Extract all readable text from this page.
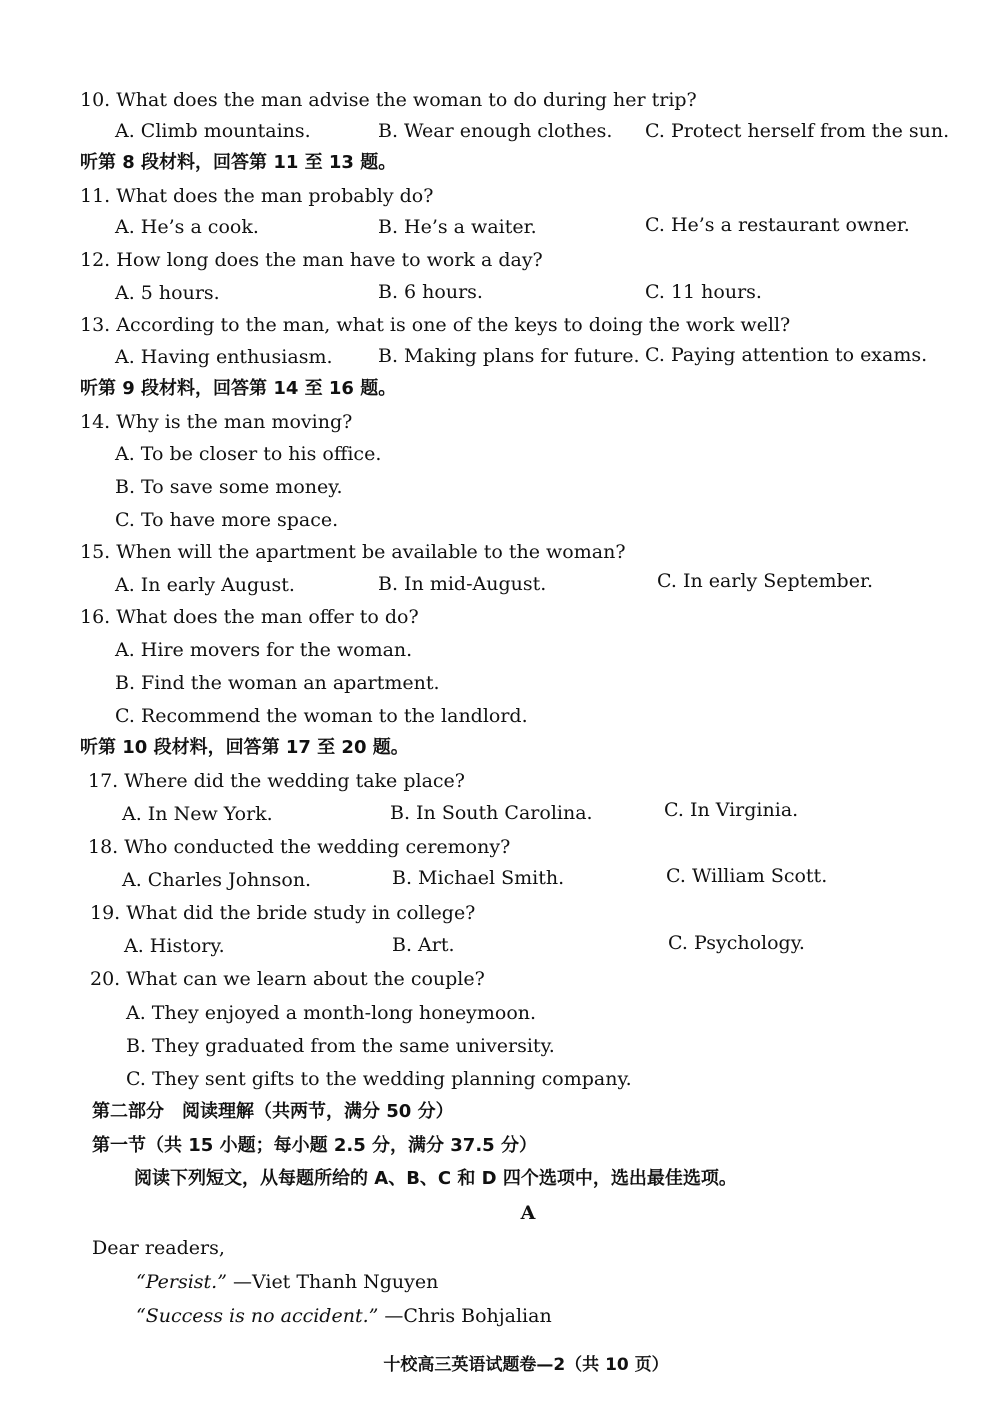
10. What does the man advise the woman to do during her trip?
A. Climb mountains.	B. Wear enough clothes. C. Protect herself from the sun.
听第 8 段材料，回答第 11 至 13 题。
11. What does the man probably do?
A. He’s a cook.	B. He’s a waiter.	C. He’s a restaurant owner.
12. How long does the man have to work a day?
A. 5 hours.	B. 6 hours.	C. 11 hours.
13. According to the man, what is one of the keys to doing the work well?
A. Having enthusiasm. B. Making plans for future. C. Paying attention to exams.
听第 9 段材料，回答第 14 至 16 题。
14. Why is the man moving?
A. To be closer to his office.
B. To save some money.
C. To have more space.
15. When will the apartment be available to the woman?
A. In early August.	B. In mid-August.	C. In early September.
16. What does the man offer to do?
A. Hire movers for the woman.
B. Find the woman an apartment.
C. Recommend the woman to the landlord.
听第 10 段材料，回答第 17 至 20 题。
17. Where did the wedding take place?
A. In New York.	B. In South Carolina.	C. In Virginia.
18. Who conducted the wedding ceremony?
A. Charles Johnson.	B. Michael Smith.	C. William Scott.
19. What did the bride study in college?
A. History.	B. Art.	C. Psychology.
20. What can we learn about the couple?
A. They enjoyed a month-long honeymoon.
B. They graduated from the same university.
C. They sent gifts to the wedding planning company.
第二部分　阅读理解（共两节，满分 50 分）
第一节（共 15 小题；每小题 2.5 分，满分 37.5 分）
阅读下列短文，从每题所给的 A、B、C 和 D 四个选项中，选出最佳选项。
A
Dear readers,
“Persist.” —Viet Thanh Nguyen
“Success is no accident.” —Chris Bohjalian
十校高三英语试题卷—2（共 10 页）
